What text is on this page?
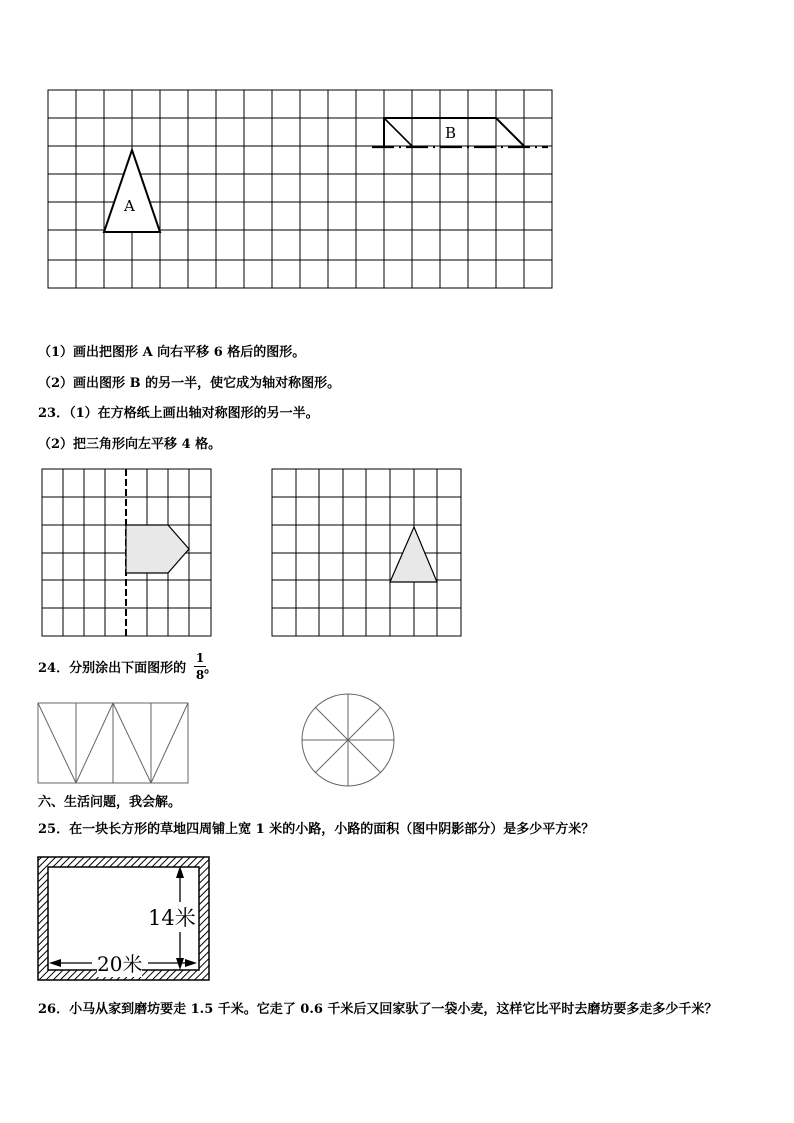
A
B
（1）画出把图形 A 向右平移 6 格后的图形。
（2）画出图形 B 的另一半，使它成为轴对称图形。
23．（1）在方格纸上画出轴对称图形的另一半。
（2）把三角形向左平移 4 格。
24．分别涂出下面图形的 。
1
8
六、生活问题，我会解。
25．在一块长方形的草地四周铺上宽 1 米的小路，小路的面积（图中阴影部分）是多少平方米？
14米
20米
26．小马从家到磨坊要走 1.5 千米。它走了 0.6 千米后又回家驮了一袋小麦，这样它比平时去磨坊要多走多少千米？
